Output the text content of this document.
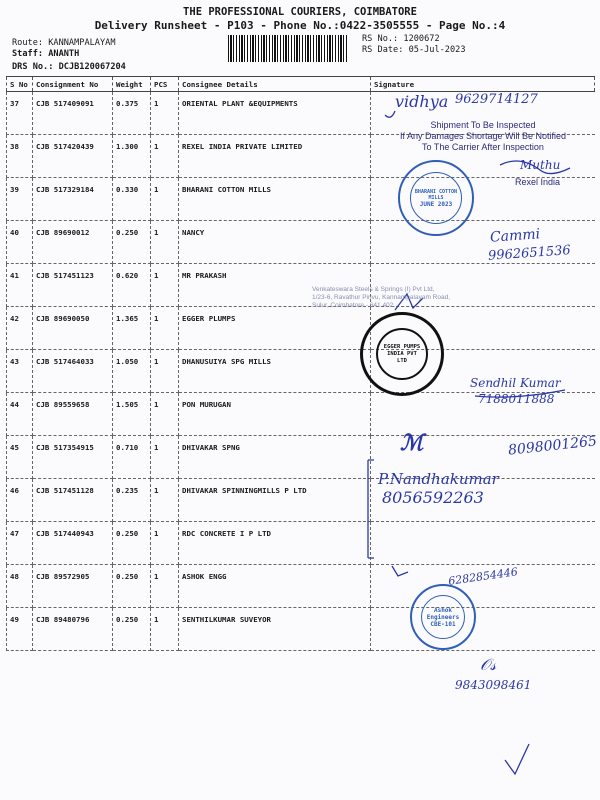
THE PROFESSIONAL COURIERS, COIMBATORE
Delivery Runsheet - P103 - Phone No.:0422-3505555 - Page No.:4
Route: KANNAMPALAYAM
Staff: ANANTH
DRS No.: DCJB120067204
RS No.: 1200672
RS Date: 05-Jul-2023
S No	Consignment No	Weight	PCS	Consignee Details	Signature
37	CJB 517409091	0.375	1	ORIENTAL PLANT &EQUIPMENTS	
38	CJB 517420439	1.300	1	REXEL INDIA PRIVATE LIMITED	
39	CJB 517329184	0.330	1	BHARANI COTTON MILLS	
40	CJB 89690012	0.250	1	NANCY	
41	CJB 517451123	0.620	1	MR PRAKASH	
42	CJB 89690050	1.365	1	EGGER PLUMPS	
43	CJB 517464033	1.050	1	DHANUSUIYA SPG MILLS	
44	CJB 89559658	1.505	1	PON MURUGAN	
45	CJB 517354915	0.710	1	DHIVAKAR SPNG	
46	CJB 517451128	0.235	1	DHIVAKAR SPINNINGMILLS P LTD	
47	CJB 517440943	0.250	1	RDC CONCRETE I P LTD	
48	CJB 89572905	0.250	1	ASHOK ENGG	
49	CJB 89480796	0.250	1	SENTHILKUMAR SUVEYOR	
vidhya 9629714127
Shipment To Be Inspected
If Any Damages Shortage Will Be Notified
To The Carrier After Inspection
Muthu
Rexel India
BHARANI COTTON MILLS
JUNE 2023
Cammi
9962651536
Venkateswara Steels & Springs (I) Pvt Ltd,
1/23-6, Ravathur Pirivu, Kannampalayam Road,
Sulur, Coimbatore - 641 402.
EGGER PUMPS INDIA PVT LTD
Sendhil Kumar
7188011888
ℳ	8098001265
P.Nandhakumar
8056592263
6282854446
Ashok Engineers CBE-101
𝒪𝓈
9843098461
